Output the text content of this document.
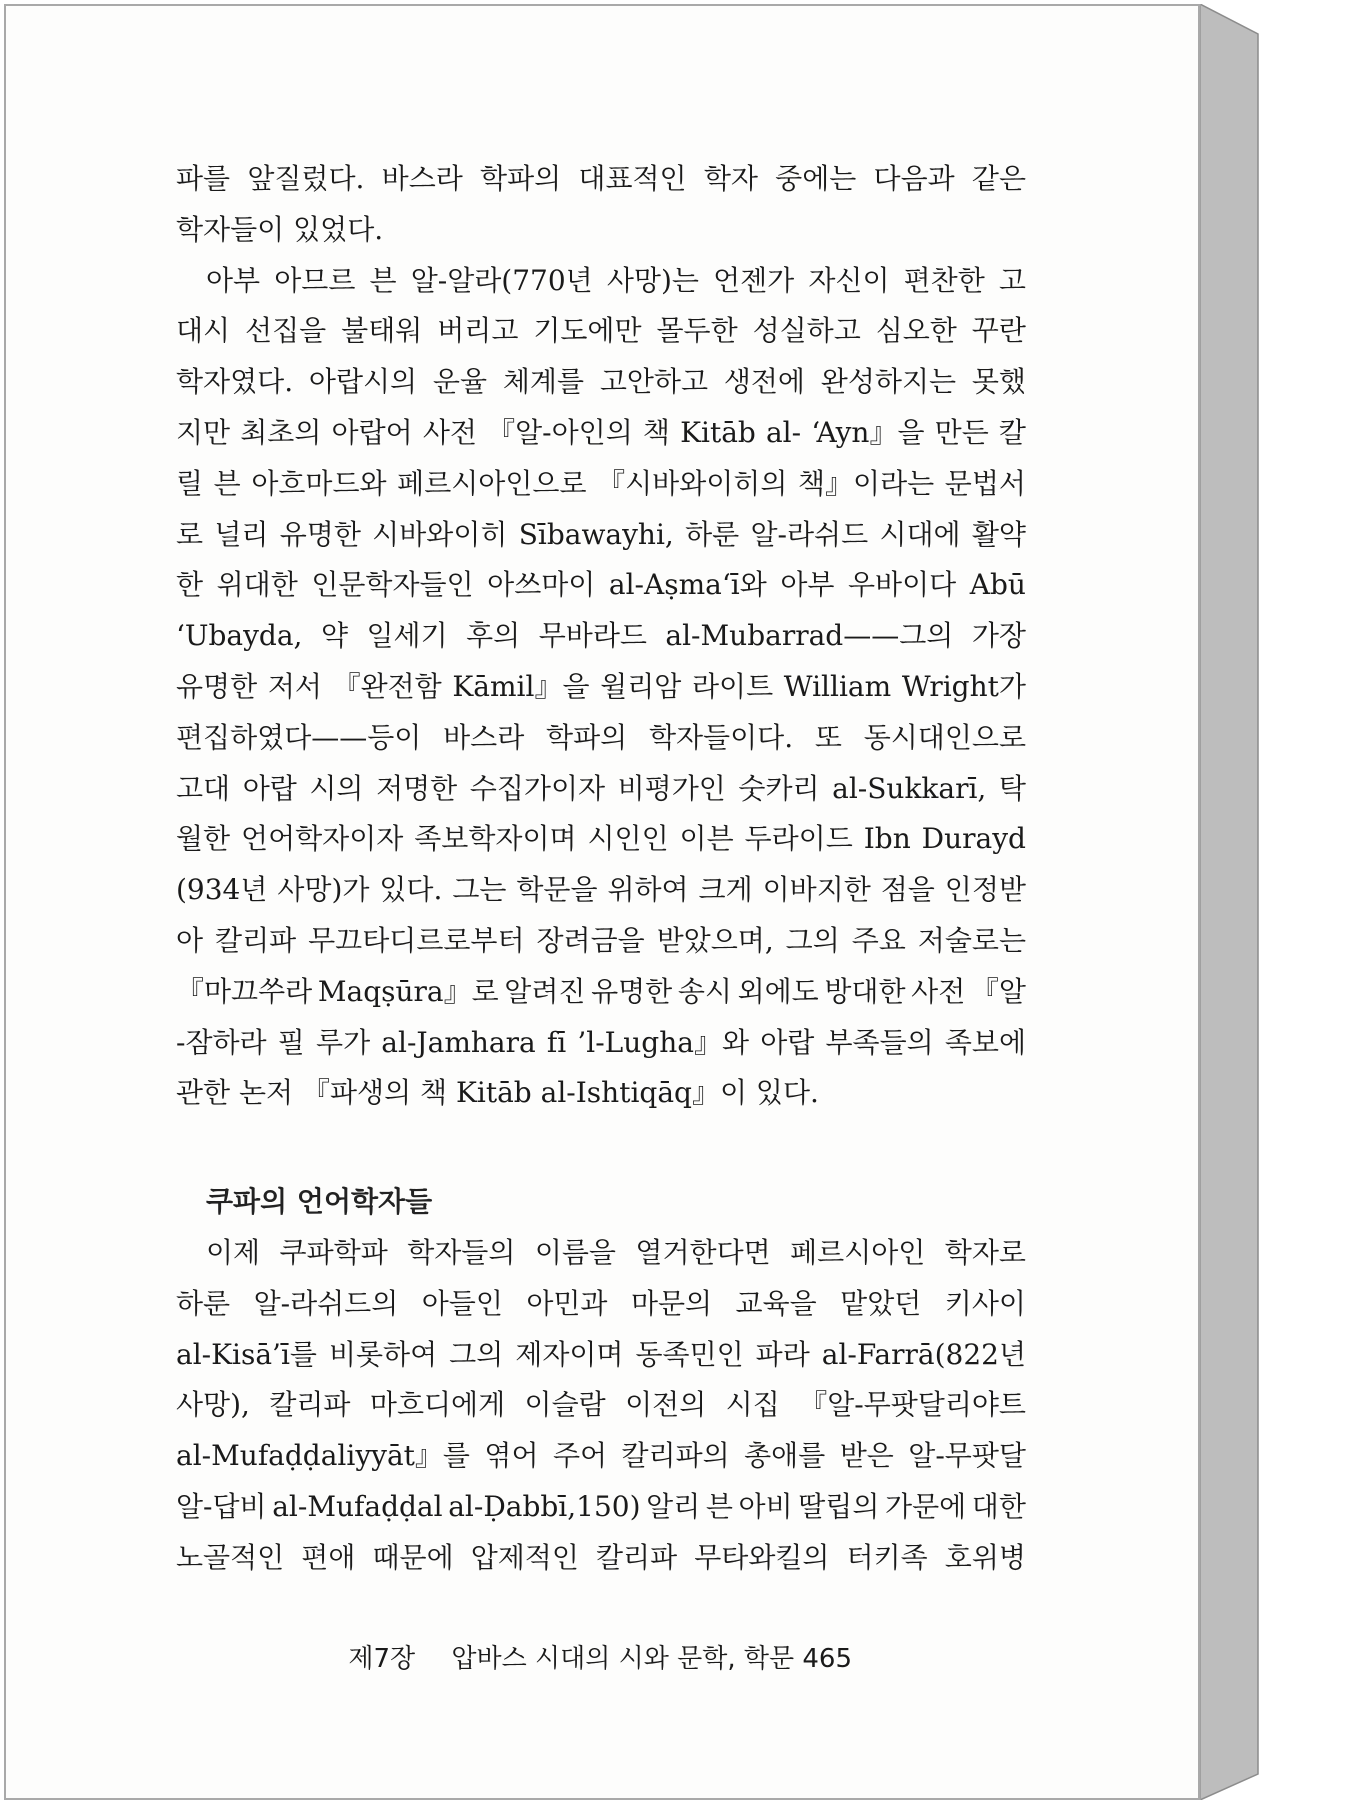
파를 앞질렀다. 바스라 학파의 대표적인 학자 중에는 다음과 같은
학자들이 있었다.
아부 아므르 븐 알-알라(770년 사망)는 언젠가 자신이 편찬한 고
대시 선집을 불태워 버리고 기도에만 몰두한 성실하고 심오한 꾸란
학자였다. 아랍시의 운율 체계를 고안하고 생전에 완성하지는 못했
지만 최초의 아랍어 사전 『알-아인의 책 Kitāb al- ‘Ayn』을 만든 칼
릴 븐 아흐마드와 페르시아인으로 『시바와이히의 책』이라는 문법서
로 널리 유명한 시바와이히 Sībawayhi, 하룬 알-라쉬드 시대에 활약
한 위대한 인문학자들인 아쓰마이 al-Aṣma‘ī와 아부 우바이다 Abū
‘Ubayda, 약 일세기 후의 무바라드 al-Mubarrad——그의 가장
유명한 저서 『완전함 Kāmil』을 윌리암 라이트 William Wright가
편집하였다——등이 바스라 학파의 학자들이다. 또 동시대인으로
고대 아랍 시의 저명한 수집가이자 비평가인 숫카리 al-Sukkarī, 탁
월한 언어학자이자 족보학자이며 시인인 이븐 두라이드 Ibn Durayd
(934년 사망)가 있다. 그는 학문을 위하여 크게 이바지한 점을 인정받
아 칼리파 무끄타디르로부터 장려금을 받았으며, 그의 주요 저술로는
『마끄쑤라 Maqṣūra』로 알려진 유명한 송시 외에도 방대한 사전 『알
-잠하라 필 루가 al-Jamhara fī ’l-Lugha』와 아랍 부족들의 족보에
관한 논저 『파생의 책 Kitāb al-Ishtiqāq』이 있다.
쿠파의 언어학자들
이제 쿠파학파 학자들의 이름을 열거한다면 페르시아인 학자로
하룬 알-라쉬드의 아들인 아민과 마문의 교육을 맡았던 키사이
al-Kisā’ī를 비롯하여 그의 제자이며 동족민인 파라 al-Farrā(822년
사망), 칼리파 마흐디에게 이슬람 이전의 시집 『알-무팟달리야트
al-Mufaḍḍaliyyāt』를 엮어 주어 칼리파의 총애를 받은 알-무팟달
알-답비 al-Mufaḍḍal al-Ḍabbī,150) 알리 븐 아비 딸립의 가문에 대한
노골적인 편애 때문에 압제적인 칼리파 무타와킬의 터키족 호위병
제7장 압바스 시대의 시와 문학, 학문 465
